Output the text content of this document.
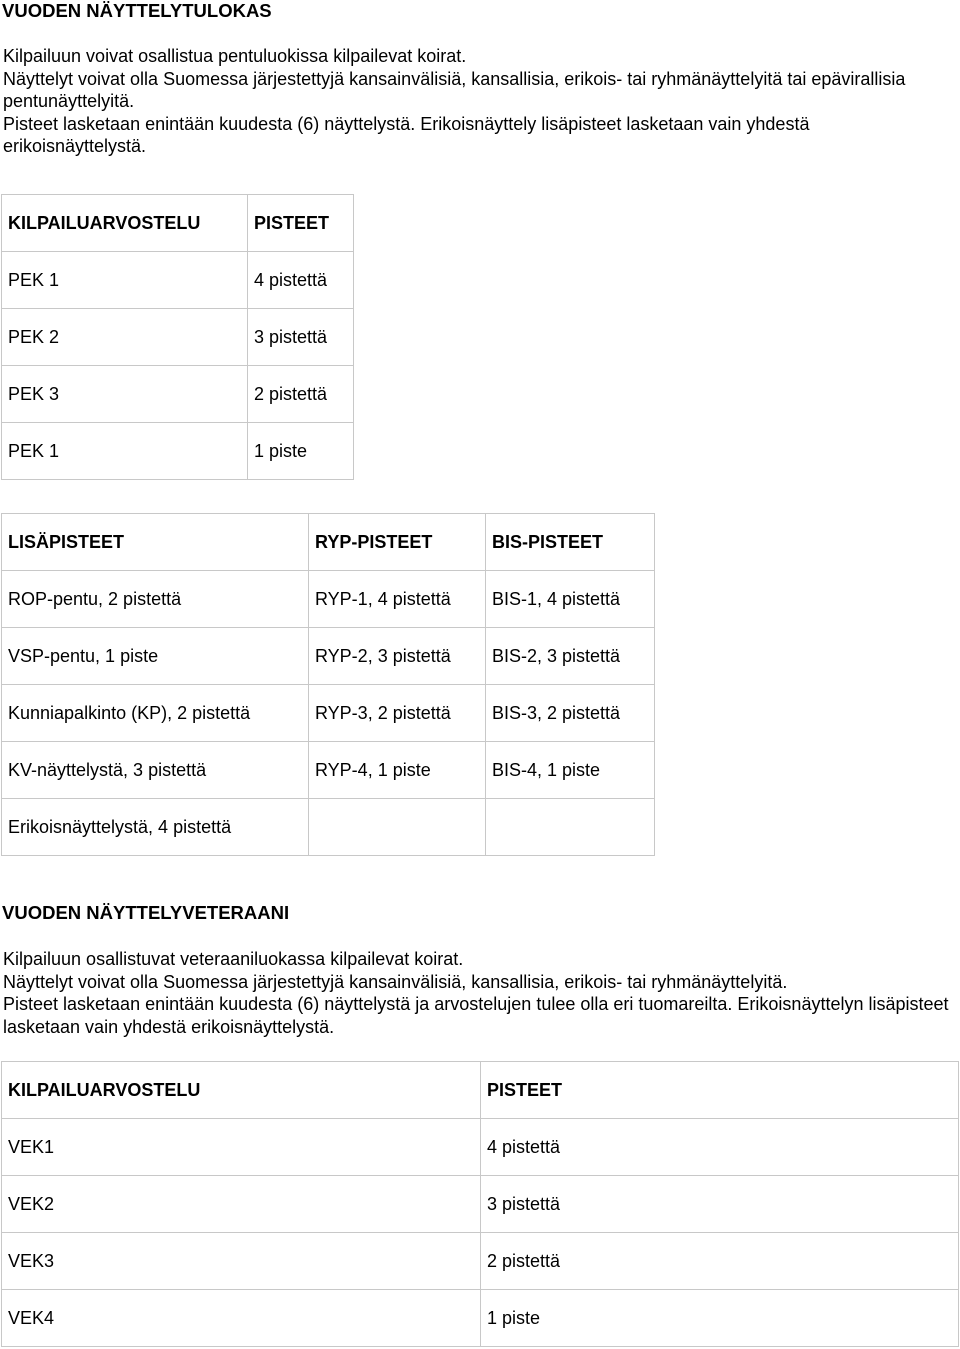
VUODEN NÄYTTELYTULOKAS

Kilpailuun voivat osallistua pentuluokissa kilpailevat koirat.

Näyttelyt voivat olla Suomessa järjestettyjä kansainvälisiä, kansallisia, erikois- tai ryhmänäyttelyitä tai epävirallisia pentunäyttelyitä.

Pisteet lasketaan enintään kuudesta (6) näyttelystä. Erikoisnäyttely lisäpisteet lasketaan vain yhdestä erikoisnäyttelystä.

KILPAILUARVOSTELU	PISTEET
PEK 1	4 pistettä
PEK 2	3 pistettä
PEK 3	2 pistettä
PEK 1	1 piste
LISÄPISTEET	RYP-PISTEET	BIS-PISTEET
ROP-pentu, 2 pistettä	RYP-1, 4 pistettä	BIS-1, 4 pistettä
VSP-pentu, 1 piste	RYP-2, 3 pistettä	BIS-2, 3 pistettä
Kunniapalkinto (KP), 2 pistettä	RYP-3, 2 pistettä	BIS-3, 2 pistettä
KV-näyttelystä, 3 pistettä	RYP-4, 1 piste	BIS-4, 1 piste
Erikoisnäyttelystä, 4 pistettä		
VUODEN NÄYTTELYVETERAANI

Kilpailuun osallistuvat veteraaniluokassa kilpailevat koirat.

Näyttelyt voivat olla Suomessa järjestettyjä kansainvälisiä, kansallisia, erikois- tai ryhmänäyttelyitä.

Pisteet lasketaan enintään kuudesta (6) näyttelystä ja arvostelujen tulee olla eri tuomareilta. Erikoisnäyttelyn lisäpisteet lasketaan vain yhdestä erikoisnäyttelystä.

KILPAILUARVOSTELU	PISTEET
VEK1	4 pistettä
VEK2	3 pistettä
VEK3	2 pistettä
VEK4	1 piste
